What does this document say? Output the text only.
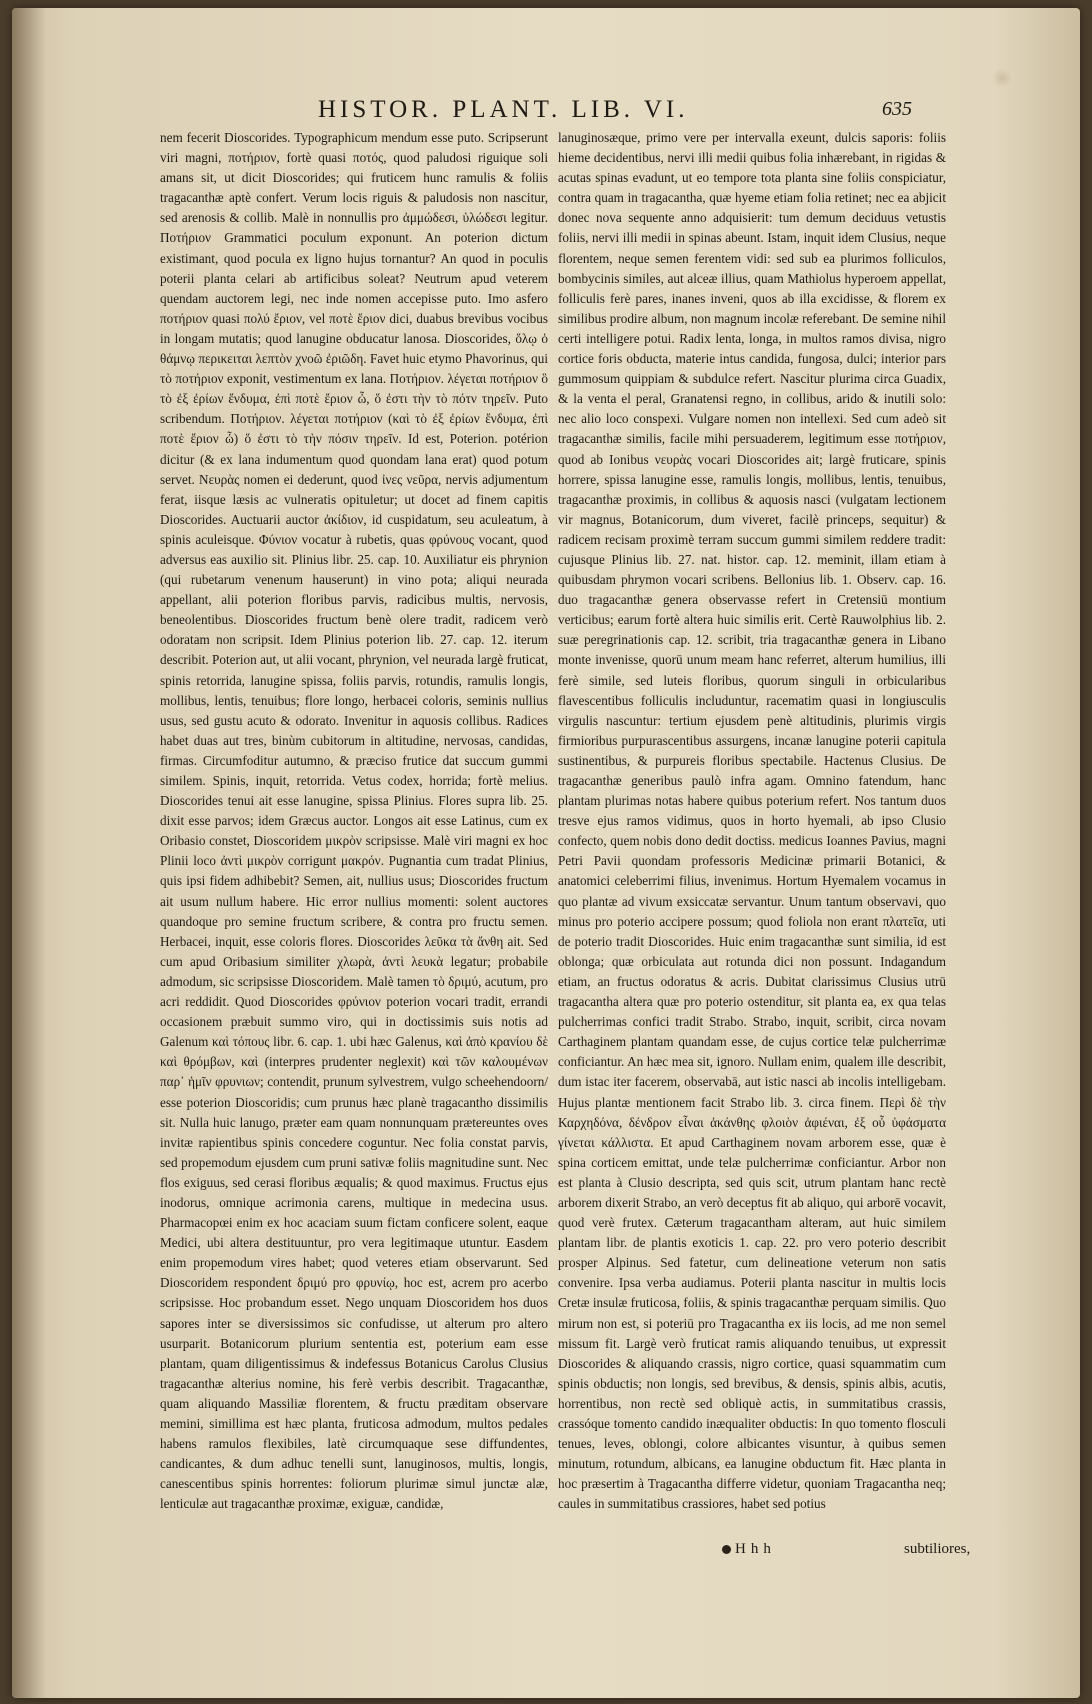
HISTOR. PLANT. LIB. VI.	635

nem fecerit Dioscorides. Typographicum mendum esse puto. Scripserunt viri magni, ποτήριον, fortè quasi ποτός, quod paludosi riguique soli amans sit, ut dicit Dioscorides; qui fruticem hunc ramulis & foliis tragacanthæ aptè confert. Verum locis riguis & paludosis non nascitur, sed arenosis & collib. Malè in nonnullis pro ἀμμώδεσι, ὑλώδεσι legitur. Ποτήριον Grammatici poculum exponunt. An poterion dictum existimant, quod pocula ex ligno hujus tornantur? An quod in poculis poterii planta celari ab artificibus soleat? Neutrum apud veterem quendam auctorem legi, nec inde nomen accepisse puto. Imo asfero ποτήριον quasi πολύ ἔριον, vel ποτὲ ἔριον dici, duabus brevibus vocibus in longam mutatis; quod lanugine obducatur lanosa. Dioscorides, ὅλῳ ὁ θάμνῳ περικειται λεπτὸν χνοῶ ἐριῶδη. Favet huic etymo Phavorinus, qui τὸ ποτήριον exponit, vestimentum ex lana. Ποτήριον. λέγεται ποτήριον ὃ τὸ ἐξ ἐρίων ἔνδυμα, ἐπὶ ποτὲ ἔριον ὦ, ὅ ἐστι τὴν τὸ πότν τηρεῖν. Puto scribendum. Ποτήριον. λέγεται ποτήριον (καὶ τὸ ἐξ ἐρίων ἔνδυμα, ἐπὶ ποτὲ ἔριον ὦ) ὅ ἐστι τὸ τὴν πόσιν τηρεῖν. Id est, Poterion. potérion dicitur (& ex lana indumentum quod quondam lana erat) quod potum servet. Νευρὰς nomen ei dederunt, quod ἰνες νεῦρα, nervis adjumentum ferat, iisque læsis ac vulneratis opituletur; ut docet ad finem capitis Dioscorides. Auctuarii auctor ἀκίδιον, id cuspidatum, seu aculeatum, à spinis aculeisque. Φύνιον vocatur à rubetis, quas φρύνους vocant, quod adversus eas auxilio sit. Plinius libr. 25. cap. 10. Auxiliatur eis phrynion (qui rubetarum venenum hauserunt) in vino pota; aliqui neurada appellant, alii poterion floribus parvis, radicibus multis, nervosis, beneolentibus. Dioscorides fructum benè olere tradit, radicem verò odoratam non scripsit. Idem Plinius poterion lib. 27. cap. 12. iterum describit. Poterion aut, ut alii vocant, phrynion, vel neurada largè fruticat, spinis retorrida, lanugine spissa, foliis parvis, rotundis, ramulis longis, mollibus, lentis, tenuibus; flore longo, herbacei coloris, seminis nullius usus, sed gustu acuto & odorato. Invenitur in aquosis collibus. Radices habet duas aut tres, binùm cubitorum in altitudine, nervosas, candidas, firmas. Circumfoditur autumno, & præciso frutice dat succum gummi similem. Spinis, inquit, retorrida. Vetus codex, horrida; fortè melius. Dioscorides tenui ait esse lanugine, spissa Plinius. Flores supra lib. 25. dixit esse parvos; idem Græcus auctor. Longos ait esse Latinus, cum ex Oribasio constet, Dioscoridem μικρὸν scripsisse. Malè viri magni ex hoc Plinii loco ἀντὶ μικρὸν corrigunt μακρόν. Pugnantia cum tradat Plinius, quis ipsi fidem adhibebit? Semen, ait, nullius usus; Dioscorides fructum ait usum nullum habere. Hic error nullius momenti: solent auctores quandoque pro semine fructum scribere, & contra pro fructu semen. Herbacei, inquit, esse coloris flores. Dioscorides λεῦκα τὰ ἄνθη ait. Sed cum apud Oribasium similiter χλωρὰ, ἀντὶ λευκὰ legatur; probabile admodum, sic scripsisse Dioscoridem. Malè tamen τὸ δριμύ, acutum, pro acri reddidit. Quod Dioscorides φρύνιον poterion vocari tradit, errandi occasionem præbuit summo viro, qui in doctissimis suis notis ad Galenum καὶ τόπους libr. 6. cap. 1. ubi hæc Galenus, καὶ ἀπὸ κρανίου δὲ καὶ θρόμβων, καὶ (interpres prudenter neglexit) καὶ τῶν καλουμένων παρ᾽ ἡμῖν φρυνιων; contendit, prunum sylvestrem, vulgo scheehendoorn/ esse poterion Dioscoridis; cum prunus hæc planè tragacantho dissimilis sit. Nulla huic lanugo, præter eam quam nonnunquam prætereuntes oves invitæ rapientibus spinis concedere coguntur. Nec folia constat parvis, sed propemodum ejusdem cum pruni sativæ foliis magnitudine sunt. Nec flos exiguus, sed cerasi floribus æqualis; & quod maximus. Fructus ejus inodorus, omnique acrimonia carens, multique in medecina usus. Pharmacopœi enim ex hoc acaciam suum fictam conficere solent, eaque Medici, ubi altera destituuntur, pro vera legitimaque utuntur. Easdem enim propemodum vires habet; quod veteres etiam observarunt. Sed Dioscoridem respondent δριμύ pro φρυνίῳ, hoc est, acrem pro acerbo scripsisse. Hoc probandum esset. Nego unquam Dioscoridem hos duos sapores inter se diversissimos sic confudisse, ut alterum pro altero usurparit. Botanicorum plurium sententia est, poterium eam esse plantam, quam diligentissimus & indefessus Botanicus Carolus Clusius tragacanthæ alterius nomine, his ferè verbis describit. Tragacanthæ, quam aliquando Massiliæ florentem, & fructu præditam observare memini, simillima est hæc planta, fruticosa admodum, multos pedales habens ramulos flexibiles, latè circumquaque sese diffundentes, candicantes, & dum adhuc tenelli sunt, lanuginosos, multis, longis, canescentibus spinis horrentes: foliorum plurimæ simul junctæ alæ, lenticulæ aut tragacanthæ proximæ, exiguæ, candidæ,

lanuginosæque, primo vere per intervalla exeunt, dulcis saporis: foliis hieme decidentibus, nervi illi medii quibus folia inhærebant, in rigidas & acutas spinas evadunt, ut eo tempore tota planta sine foliis conspiciatur, contra quam in tragacantha, quæ hyeme etiam folia retinet; nec ea abjicit donec nova sequente anno adquisierit: tum demum deciduus vetustis foliis, nervi illi medii in spinas abeunt. Istam, inquit idem Clusius, neque florentem, neque semen ferentem vidi: sed sub ea plurimos folliculos, bombycinis similes, aut alceæ illius, quam Mathiolus hyperoem appellat, folliculis ferè pares, inanes inveni, quos ab illa excidisse, & florem ex similibus prodire album, non magnum incolæ referebant. De semine nihil certi intelligere potui. Radix lenta, longa, in multos ramos divisa, nigro cortice foris obducta, materie intus candida, fungosa, dulci; interior pars gummosum quippiam & subdulce refert. Nascitur plurima circa Guadix, & la venta el peral, Granatensi regno, in collibus, arido & inutili solo: nec alio loco conspexi. Vulgare nomen non intellexi. Sed cum adeò sit tragacanthæ similis, facile mihi persuaderem, legitimum esse ποτήριον, quod ab Ionibus νευρὰς vocari Dioscorides ait; largè fruticare, spinis horrere, spissa lanugine esse, ramulis longis, mollibus, lentis, tenuibus, tragacanthæ proximis, in collibus & aquosis nasci (vulgatam lectionem vir magnus, Botanicorum, dum viveret, facilè princeps, sequitur) & radicem recisam proximè terram succum gummi similem reddere tradit: cujusque Plinius lib. 27. nat. histor. cap. 12. meminit, illam etiam à quibusdam phrymon vocari scribens. Bellonius lib. 1. Observ. cap. 16. duo tragacanthæ genera observasse refert in Cretensiū montium verticibus; earum fortè altera huic similis erit. Certè Rauwolphius lib. 2. suæ peregrinationis cap. 12. scribit, tria tragacanthæ genera in Libano monte invenisse, quorū unum meam hanc referret, alterum humilius, illi ferè simile, sed luteis floribus, quorum singuli in orbicularibus flavescentibus folliculis includuntur, racematim quasi in longiusculis virgulis nascuntur: tertium ejusdem penè altitudinis, plurimis virgis firmioribus purpurascentibus assurgens, incanæ lanugine poterii capitula sustinentibus, & purpureis floribus spectabile. Hactenus Clusius. De tragacanthæ generibus paulò infra agam. Omnino fatendum, hanc plantam plurimas notas habere quibus poterium refert. Nos tantum duos tresve ejus ramos vidimus, quos in horto hyemali, ab ipso Clusio confecto, quem nobis dono dedit doctiss. medicus Ioannes Pavius, magni Petri Pavii quondam professoris Medicinæ primarii Botanici, & anatomici celeberrimi filius, invenimus. Hortum Hyemalem vocamus in quo plantæ ad vivum exsiccatæ servantur. Unum tantum observavi, quo minus pro poterio accipere possum; quod foliola non erant πλατεῖα, uti de poterio tradit Dioscorides. Huic enim tragacanthæ sunt similia, id est oblonga; quæ orbiculata aut rotunda dici non possunt. Indagandum etiam, an fructus odoratus & acris. Dubitat clarissimus Clusius utrū tragacantha altera quæ pro poterio ostenditur, sit planta ea, ex qua telas pulcherrimas confici tradit Strabo. Strabo, inquit, scribit, circa novam Carthaginem plantam quandam esse, de cujus cortice telæ pulcherrimæ conficiantur. An hæc mea sit, ignoro. Nullam enim, qualem ille describit, dum istac iter facerem, observabā, aut istic nasci ab incolis intelligebam. Hujus plantæ mentionem facit Strabo lib. 3. circa finem. Περὶ δὲ τὴν Καρχηδόνα, δένδρον εἶναι ἀκάνθης φλοιὸν ἀφιέναι, ἐξ οὗ ὑφάσματα γίνεται κάλλιστα. Et apud Carthaginem novam arborem esse, quæ è spina corticem emittat, unde telæ pulcherrimæ conficiantur. Arbor non est planta à Clusio descripta, sed quis scit, utrum plantam hanc rectè arborem dixerit Strabo, an verò deceptus fit ab aliquo, qui arborē vocavit, quod verè frutex. Cæterum tragacantham alteram, aut huic similem plantam libr. de plantis exoticis 1. cap. 22. pro vero poterio describit prosper Alpinus. Sed fatetur, cum delineatione veterum non satis convenire. Ipsa verba audiamus. Poterii planta nascitur in multis locis Cretæ insulæ fruticosa, foliis, & spinis tragacanthæ perquam similis. Quo mirum non est, si poteriū pro Tragacantha ex iis locis, ad me non semel missum fit. Largè verò fruticat ramis aliquando tenuibus, ut expressit Dioscorides & aliquando crassis, nigro cortice, quasi squammatim cum spinis obductis; non longis, sed brevibus, & densis, spinis albis, acutis, horrentibus, non rectè sed obliquè actis, in summitatibus crassis, crassóque tomento candido inæqualiter obductis: In quo tomento flosculi tenues, leves, oblongi, colore albicantes visuntur, à quibus semen minutum, rotundum, albicans, ea lanugine obductum fit. Hæc planta in hoc præsertim à Tragacantha differre videtur, quoniam Tragacantha neq; caules in summitatibus crassiores, habet sed potius

Hhh	subtiliores,
